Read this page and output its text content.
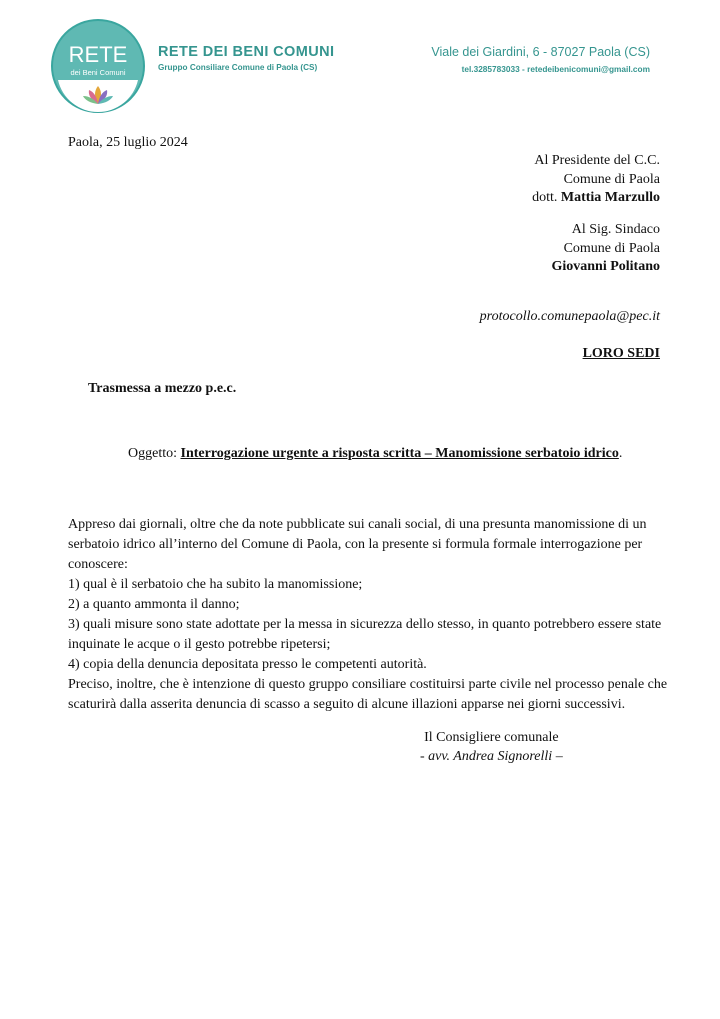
RETE
dei Beni Comuni
RETE DEI BENI COMUNI
Gruppo Consiliare Comune di Paola (CS)
Viale dei Giardini, 6 - 87027 Paola (CS)
tel.3285783033 - retedeibenicomuni@gmail.com
Paola, 25 luglio 2024
Al Presidente del C.C.
Comune di Paola
dott. Mattia Marzullo
Al Sig. Sindaco
Comune di Paola
Giovanni Politano
protocollo.comunepaola@pec.it
LORO SEDI
Trasmessa a mezzo p.e.c.
Oggetto: Interrogazione urgente a risposta scritta – Manomissione serbatoio idrico.

Appreso dai giornali, oltre che da note pubblicate sui canali social, di una presunta manomissione di un serbatoio idrico all’interno del Comune di Paola, con la presente si formula formale interrogazione per conoscere:

1) qual è il serbatoio che ha subito la manomissione;

2) a quanto ammonta il danno;

3) quali misure sono state adottate per la messa in sicurezza dello stesso, in quanto potrebbero essere state inquinate le acque o il gesto potrebbe ripetersi;

4) copia della denuncia depositata presso le competenti autorità.

Preciso, inoltre, che è intenzione di questo gruppo consiliare costituirsi parte civile nel processo penale che scaturirà dalla asserita denuncia di scasso a seguito di alcune illazioni apparse nei giorni successivi.

Il Consigliere comunale
- avv. Andrea Signorelli –
